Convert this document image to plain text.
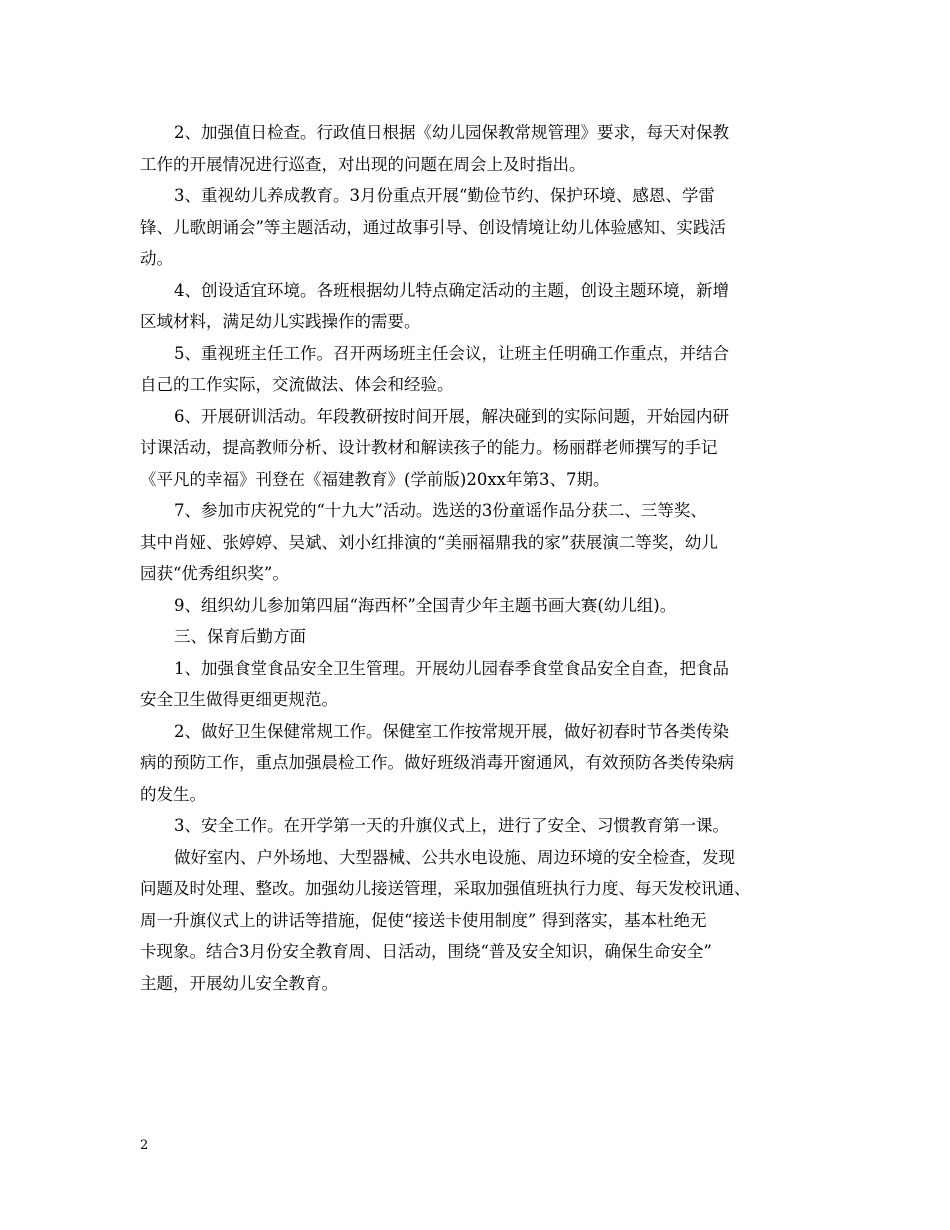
2、加强值日检查。行政值日根据《幼儿园保教常规管理》要求，每天对保教
工作的开展情况进行巡查，对出现的问题在周会上及时指出。
3、重视幼儿养成教育。3月份重点开展“勤俭节约、保护环境、感恩、学雷
锋、儿歌朗诵会”等主题活动，通过故事引导、创设情境让幼儿体验感知、实践活
动。
4、创设适宜环境。各班根据幼儿特点确定活动的主题，创设主题环境，新增
区域材料，满足幼儿实践操作的需要。
5、重视班主任工作。召开两场班主任会议，让班主任明确工作重点，并结合
自己的工作实际，交流做法、体会和经验。
6、开展研训活动。年段教研按时间开展，解决碰到的实际问题，开始园内研
讨课活动，提高教师分析、设计教材和解读孩子的能力。杨丽群老师撰写的手记
《平凡的幸福》刊登在《福建教育》(学前版)20xx年第3、7期。
7、参加市庆祝党的“十九大”活动。选送的3份童谣作品分获二、三等奖、
其中肖娅、张婷婷、吴斌、刘小红排演的“美丽福鼎我的家”获展演二等奖，幼儿
园获“优秀组织奖”。
9、组织幼儿参加第四届“海西杯”全国青少年主题书画大赛(幼儿组)。
三、保育后勤方面
1、加强食堂食品安全卫生管理。开展幼儿园春季食堂食品安全自查，把食品
安全卫生做得更细更规范。
2、做好卫生保健常规工作。保健室工作按常规开展，做好初春时节各类传染
病的预防工作，重点加强晨检工作。做好班级消毒开窗通风，有效预防各类传染病
的发生。
3、安全工作。在开学第一天的升旗仪式上，进行了安全、习惯教育第一课。
做好室内、户外场地、大型器械、公共水电设施、周边环境的安全检查，发现
问题及时处理、整改。加强幼儿接送管理，采取加强值班执行力度、每天发校讯通、
周一升旗仪式上的讲话等措施，促使“接送卡使用制度” 得到落实，基本杜绝无
卡现象。结合3月份安全教育周、日活动，围绕“普及安全知识，确保生命安全”
主题，开展幼儿安全教育。
2
